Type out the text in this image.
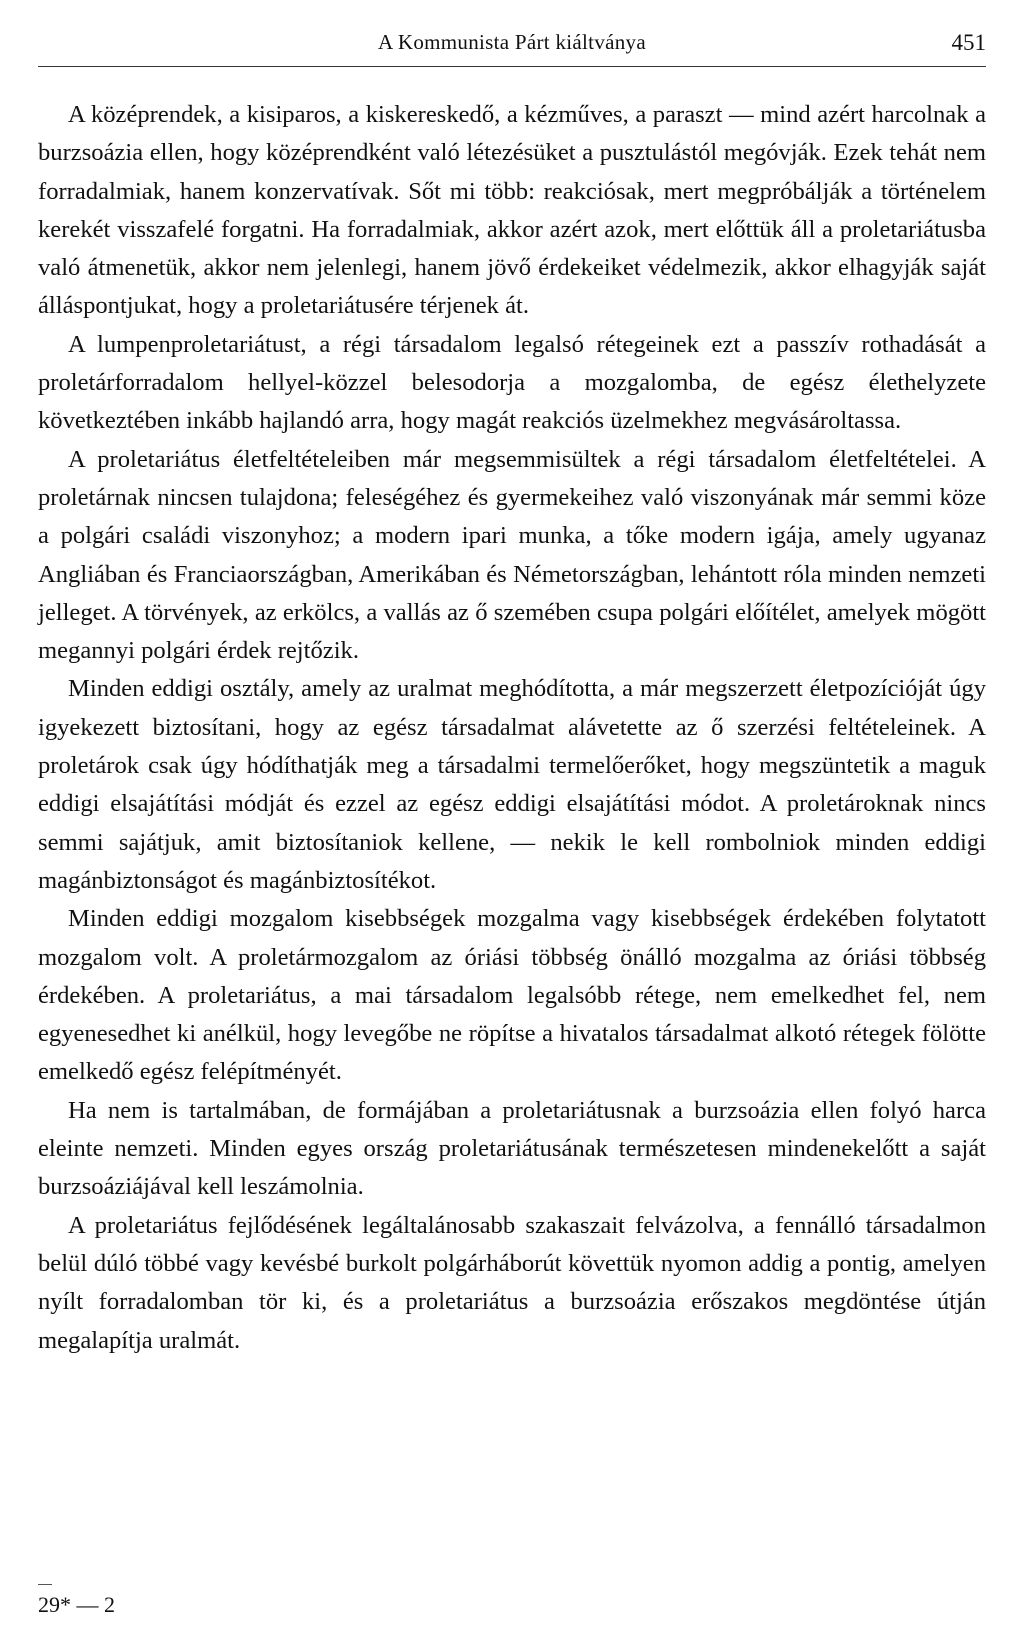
A Kommunista Párt kiáltványa	451

A középrendek, a kisiparos, a kiskereskedő, a kézműves, a paraszt — mind azért harcolnak a burzsoázia ellen, hogy középrendként való létezésüket a pusztulástól megóvják. Ezek tehát nem forradalmiak, hanem konzervatívak. Sőt mi több: reakciósak, mert megpróbálják a történelem kerekét visszafelé forgatni. Ha forradalmiak, akkor azért azok, mert előttük áll a proletariátusba való átmenetük, akkor nem jelenlegi, hanem jövő érdekeiket védelmezik, akkor elhagyják saját álláspontjukat, hogy a proletariátusére térjenek át.

A lumpenproletariátust, a régi társadalom legalsó rétegeinek ezt a passzív rothadását a proletárforradalom hellyel-közzel belesodorja a mozgalomba, de egész élethelyzete következtében inkább hajlandó arra, hogy magát reakciós üzelmekhez megvásároltassa.

A proletariátus életfeltételeiben már megsemmisültek a régi társadalom életfeltételei. A proletárnak nincsen tulajdona; feleségéhez és gyermekeihez való viszonyának már semmi köze a polgári családi viszonyhoz; a modern ipari munka, a tőke modern igája, amely ugyanaz Angliában és Franciaországban, Amerikában és Németországban, lehántott róla minden nemzeti jelleget. A törvények, az erkölcs, a vallás az ő szemében csupa polgári előítélet, amelyek mögött megannyi polgári érdek rejtőzik.

Minden eddigi osztály, amely az uralmat meghódította, a már megszerzett életpozícióját úgy igyekezett biztosítani, hogy az egész társadalmat alávetette az ő szerzési feltételeinek. A proletárok csak úgy hódíthatják meg a társadalmi termelőerőket, hogy megszüntetik a maguk eddigi elsajátítási módját és ezzel az egész eddigi elsajátítási módot. A proletároknak nincs semmi sajátjuk, amit biztosítaniok kellene, — nekik le kell rombolniok minden eddigi magánbiztonságot és magánbiztosítékot.

Minden eddigi mozgalom kisebbségek mozgalma vagy kisebbségek érdekében folytatott mozgalom volt. A proletármozgalom az óriási többség önálló mozgalma az óriási többség érdekében. A proletariátus, a mai társadalom legalsóbb rétege, nem emelkedhet fel, nem egyenesedhet ki anélkül, hogy levegőbe ne röpítse a hivatalos társadalmat alkotó rétegek fölötte emelkedő egész felépítményét.

Ha nem is tartalmában, de formájában a proletariátusnak a burzsoázia ellen folyó harca eleinte nemzeti. Minden egyes ország proletariátusának természetesen mindenekelőtt a saját burzsoáziájával kell leszámolnia.

A proletariátus fejlődésének legáltalánosabb szakaszait felvázolva, a fennálló társadalmon belül dúló többé vagy kevésbé burkolt polgárháborút követtük nyomon addig a pontig, amelyen nyílt forradalomban tör ki, és a proletariátus a burzsoázia erőszakos megdöntése útján megalapítja uralmát.

29* — 2
